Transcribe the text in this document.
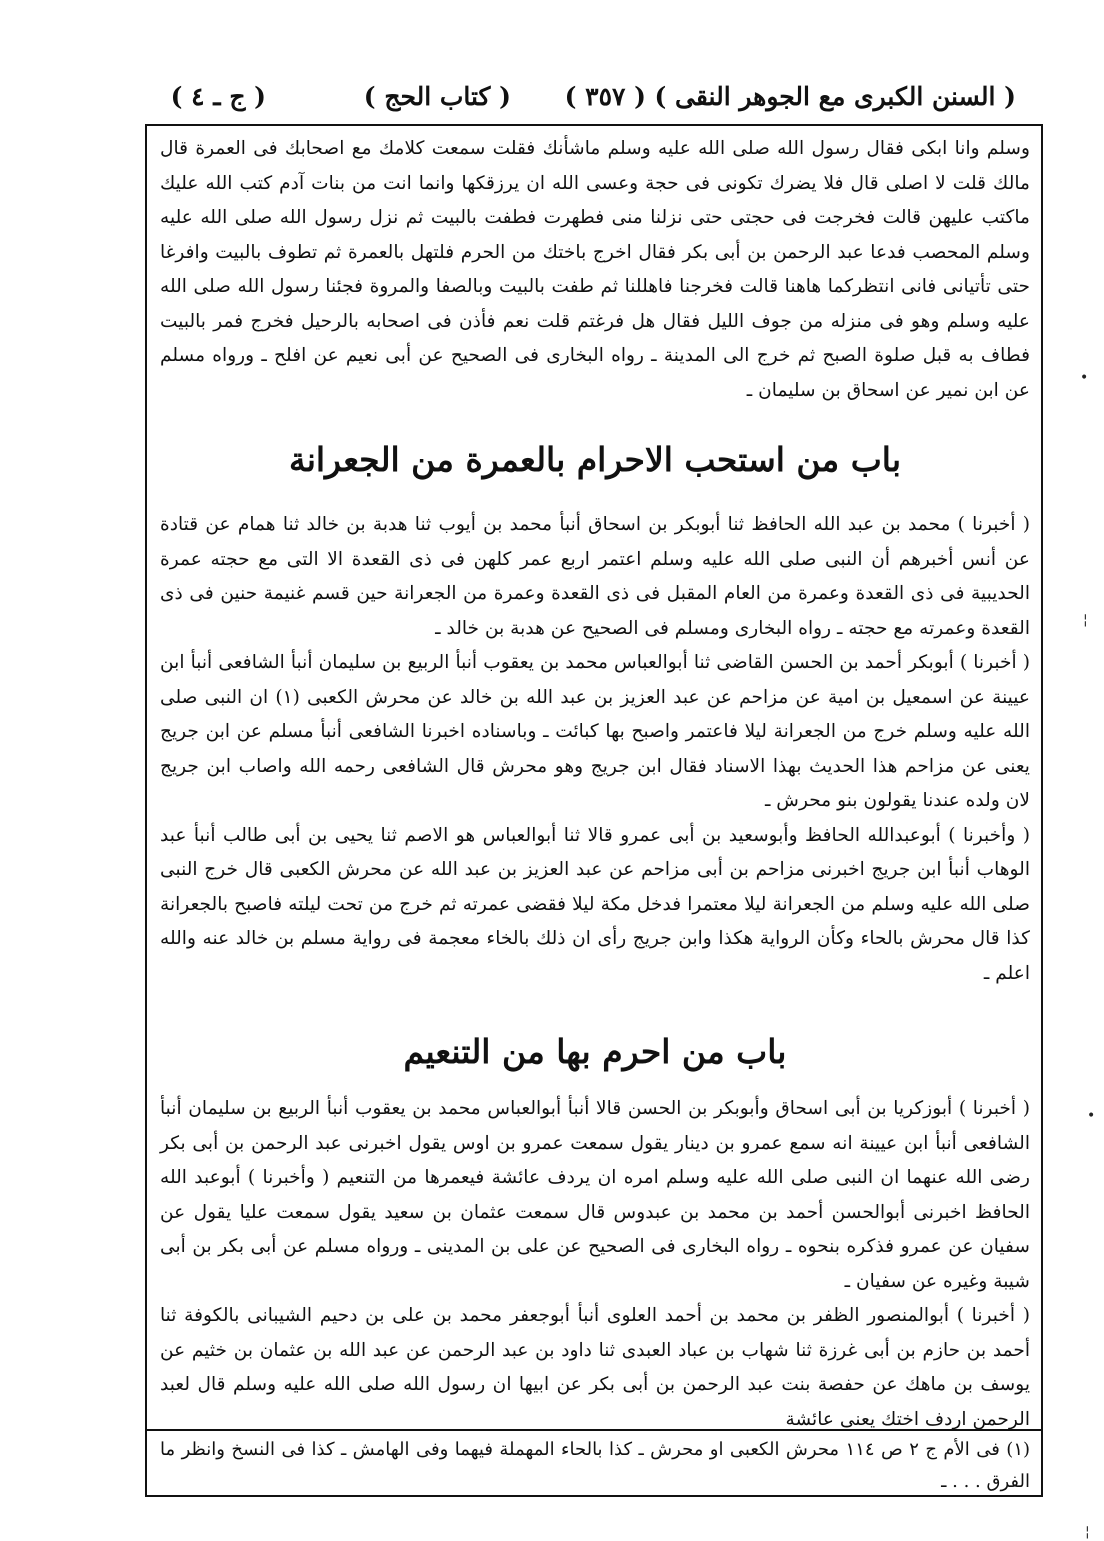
( السنن الكبرى مع الجوهر النقى )
( ٣٥٧ )
( كتاب الحج )
( ج ـ ٤ )

وسلم وانا ابكى فقال رسول الله صلى الله عليه وسلم ماشأنك فقلت سمعت كلامك مع اصحابك فى العمرة قال مالك قلت لا اصلى قال فلا يضرك تكونى فى حجة وعسى الله ان يرزقكها وانما انت من بنات آدم كتب الله عليك ماكتب عليهن قالت فخرجت فى حجتى حتى نزلنا منى فطهرت فطفت بالبيت ثم نزل رسول الله صلى الله عليه وسلم المحصب فدعا عبد الرحمن بن أبى بكر فقال اخرج باختك من الحرم فلتهل بالعمرة ثم تطوف بالبيت وافرغا حتى تأتيانى فانى انتظركما هاهنا قالت فخرجنا فاهللنا ثم طفت بالبيت وبالصفا والمروة فجئنا رسول الله صلى الله عليه وسلم وهو فى منزله من جوف الليل فقال هل فرغتم قلت نعم فأذن فى اصحابه بالرحيل فخرج فمر بالبيت فطاف به قبل صلوة الصبح ثم خرج الى المدينة ـ رواه البخارى فى الصحيح عن أبى نعيم عن افلح ـ ورواه مسلم عن ابن نمير عن اسحاق بن سليمان ـ

باب من استحب الاحرام بالعمرة من الجعرانة

( أخبرنا ) محمد بن عبد الله الحافظ ثنا أبوبكر بن اسحاق أنبأ محمد بن أيوب ثنا هدبة بن خالد ثنا همام عن قتادة عن أنس أخبرهم أن النبى صلى الله عليه وسلم اعتمر اربع عمر كلهن فى ذى القعدة الا التى مع حجته عمرة الحديبية فى ذى القعدة وعمرة من العام المقبل فى ذى القعدة وعمرة من الجعرانة حين قسم غنيمة حنين فى ذى القعدة وعمرته مع حجته ـ رواه البخارى ومسلم فى الصحيح عن هدبة بن خالد ـ

( أخبرنا ) أبوبكر أحمد بن الحسن القاضى ثنا أبوالعباس محمد بن يعقوب أنبأ الربيع بن سليمان أنبأ الشافعى أنبأ ابن عيينة عن اسمعيل بن امية عن مزاحم عن عبد العزيز بن عبد الله بن خالد عن محرش الكعبى (١) ان النبى صلى الله عليه وسلم خرج من الجعرانة ليلا فاعتمر واصبح بها كبائت ـ وباسناده اخبرنا الشافعى أنبأ مسلم عن ابن جريج يعنى عن مزاحم هذا الحديث بهذا الاسناد فقال ابن جريج وهو محرش قال الشافعى رحمه الله واصاب ابن جريج لان ولده عندنا يقولون بنو محرش ـ

( وأخبرنا ) أبوعبدالله الحافظ وأبوسعيد بن أبى عمرو قالا ثنا أبوالعباس هو الاصم ثنا يحيى بن أبى طالب أنبأ عبد الوهاب أنبأ ابن جريج اخبرنى مزاحم بن أبى مزاحم عن عبد العزيز بن عبد الله عن محرش الكعبى قال خرج النبى صلى الله عليه وسلم من الجعرانة ليلا معتمرا فدخل مكة ليلا فقضى عمرته ثم خرج من تحت ليلته فاصبح بالجعرانة كذا قال محرش بالحاء وكأن الرواية هكذا وابن جريج رأى ان ذلك بالخاء معجمة فى رواية مسلم بن خالد عنه والله اعلم ـ

باب من احرم بها من التنعيم

( أخبرنا ) أبوزكريا بن أبى اسحاق وأبوبكر بن الحسن قالا أنبأ أبوالعباس محمد بن يعقوب أنبأ الربيع بن سليمان أنبأ الشافعى أنبأ ابن عيينة انه سمع عمرو بن دينار يقول سمعت عمرو بن اوس يقول اخبرنى عبد الرحمن بن أبى بكر رضى الله عنهما ان النبى صلى الله عليه وسلم امره ان يردف عائشة فيعمرها من التنعيم ( وأخبرنا ) أبوعبد الله الحافظ اخبرنى أبوالحسن أحمد بن محمد بن عبدوس قال سمعت عثمان بن سعيد يقول سمعت عليا يقول عن سفيان عن عمرو فذكره بنحوه ـ رواه البخارى فى الصحيح عن على بن المدينى ـ ورواه مسلم عن أبى بكر بن أبى شيبة وغيره عن سفيان ـ

( أخبرنا ) أبوالمنصور الظفر بن محمد بن أحمد العلوى أنبأ أبوجعفر محمد بن على بن دحيم الشيبانى بالكوفة ثنا أحمد بن حازم بن أبى غرزة ثنا شهاب بن عباد العبدى ثنا داود بن عبد الرحمن عن عبد الله بن عثمان بن خثيم عن يوسف بن ماهك عن حفصة بنت عبد الرحمن بن أبى بكر عن ابيها ان رسول الله صلى الله عليه وسلم قال لعبد الرحمن اردف اختك يعنى عائشة

(١) فى الأم ج ٢ ص ١١٤ محرش الكعبى او محرش ـ كذا بالحاء المهملة فيهما وفى الهامش ـ كذا فى النسخ وانظر ما الفرق . . . ـ
•
¦
•
¦
